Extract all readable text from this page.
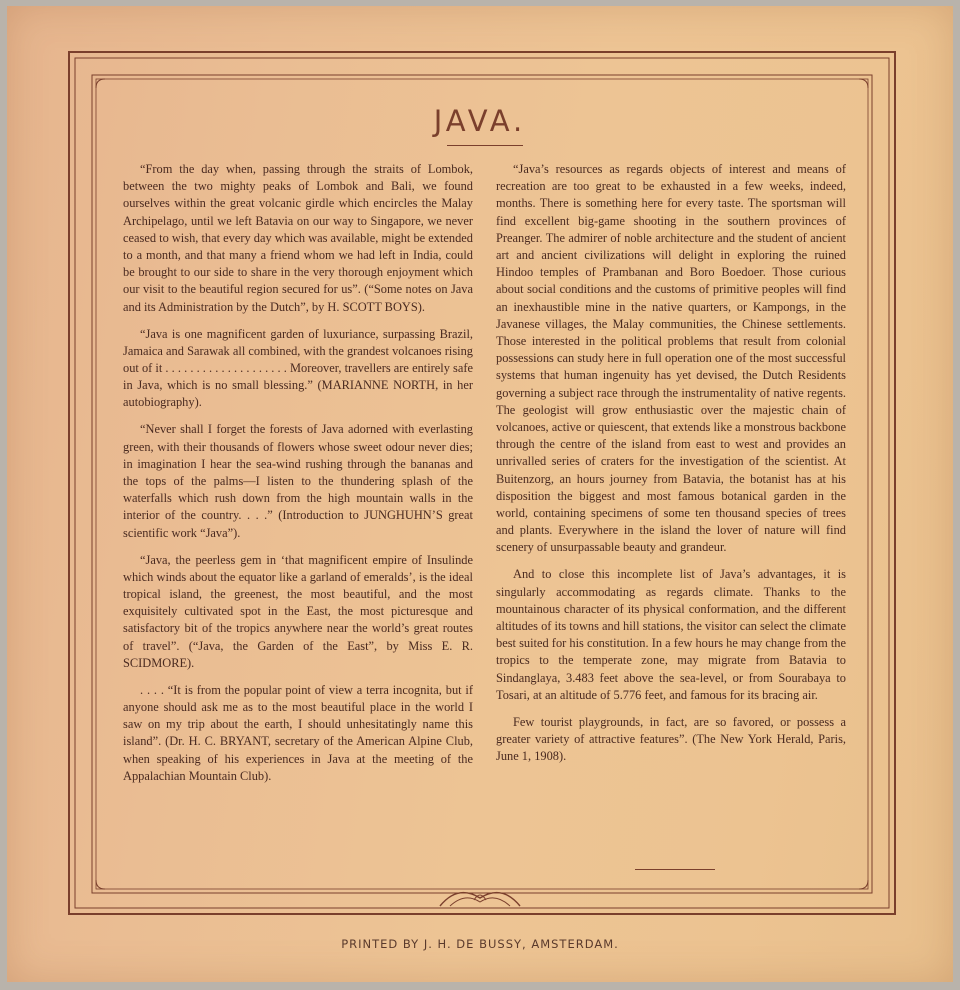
JAVA.

“From the day when, passing through the straits of Lombok, between the two mighty peaks of Lombok and Bali, we found ourselves within the great volcanic girdle which encircles the Malay Archipelago, until we left Batavia on our way to Singapore, we never ceased to wish, that every day which was available, might be extended to a month, and that many a friend whom we had left in India, could be brought to our side to share in the very thorough enjoyment which our visit to the beautiful region secured for us”. (“Some notes on Java and its Administration by the Dutch”, by H. SCOTT BOYS).

“Java is one magnificent garden of luxuriance, surpassing Brazil, Jamaica and Sarawak all combined, with the grandest volcanoes rising out of it . . . . . . . . . . . . . . . . . . . . Moreover, travellers are entirely safe in Java, which is no small blessing.” (MARIANNE NORTH, in her autobiography).

“Never shall I forget the forests of Java adorned with everlasting green, with their thousands of flowers whose sweet odour never dies; in imagination I hear the sea-wind rushing through the bananas and the tops of the palms—I listen to the thundering splash of the waterfalls which rush down from the high mountain walls in the interior of the country. . . .” (Introduction to JUNGHUHN’S great scientific work “Java”).

“Java, the peerless gem in ‘that magnificent empire of Insulinde which winds about the equator like a garland of emeralds’, is the ideal tropical island, the greenest, the most beautiful, and the most exquisitely cultivated spot in the East, the most picturesque and satisfactory bit of the tropics anywhere near the world’s great routes of travel”. (“Java, the Garden of the East”, by Miss E. R. SCIDMORE).

. . . . “It is from the popular point of view a terra incognita, but if anyone should ask me as to the most beautiful place in the world I saw on my trip about the earth, I should unhesitatingly name this island”. (Dr. H. C. BRYANT, secretary of the American Alpine Club, when speaking of his experiences in Java at the meeting of the Appalachian Mountain Club).

“Java’s resources as regards objects of interest and means of recreation are too great to be exhausted in a few weeks, indeed, months. There is something here for every taste. The sportsman will find excellent big-game shooting in the southern provinces of Preanger. The admirer of noble architecture and the student of ancient art and ancient civilizations will delight in exploring the ruined Hindoo temples of Prambanan and Boro Boedoer. Those curious about social conditions and the customs of primitive peoples will find an inexhaustible mine in the native quarters, or Kampongs, in the Javanese villages, the Malay communities, the Chinese settlements. Those interested in the political problems that result from colonial possessions can study here in full operation one of the most successful systems that human ingenuity has yet devised, the Dutch Residents governing a subject race through the instrumentality of native regents. The geologist will grow enthusiastic over the majestic chain of volcanoes, active or quiescent, that extends like a monstrous backbone through the centre of the island from east to west and provides an unrivalled series of craters for the investigation of the scientist. At Buitenzorg, an hours journey from Batavia, the botanist has at his disposition the biggest and most famous botanical garden in the world, containing specimens of some ten thousand species of trees and plants. Everywhere in the island the lover of nature will find scenery of unsurpassable beauty and grandeur.

And to close this incomplete list of Java’s advantages, it is singularly accommodating as regards climate. Thanks to the mountainous character of its physical conformation, and the different altitudes of its towns and hill stations, the visitor can select the climate best suited for his constitution. In a few hours he may change from the tropics to the temperate zone, may migrate from Batavia to Sindanglaya, 3.483 feet above the sea-level, or from Sourabaya to Tosari, at an altitude of 5.776 feet, and famous for its bracing air.

Few tourist playgrounds, in fact, are so favored, or possess a greater variety of attractive features”. (The New York Herald, Paris, June 1, 1908).

PRINTED BY J. H. DE BUSSY, AMSTERDAM.
